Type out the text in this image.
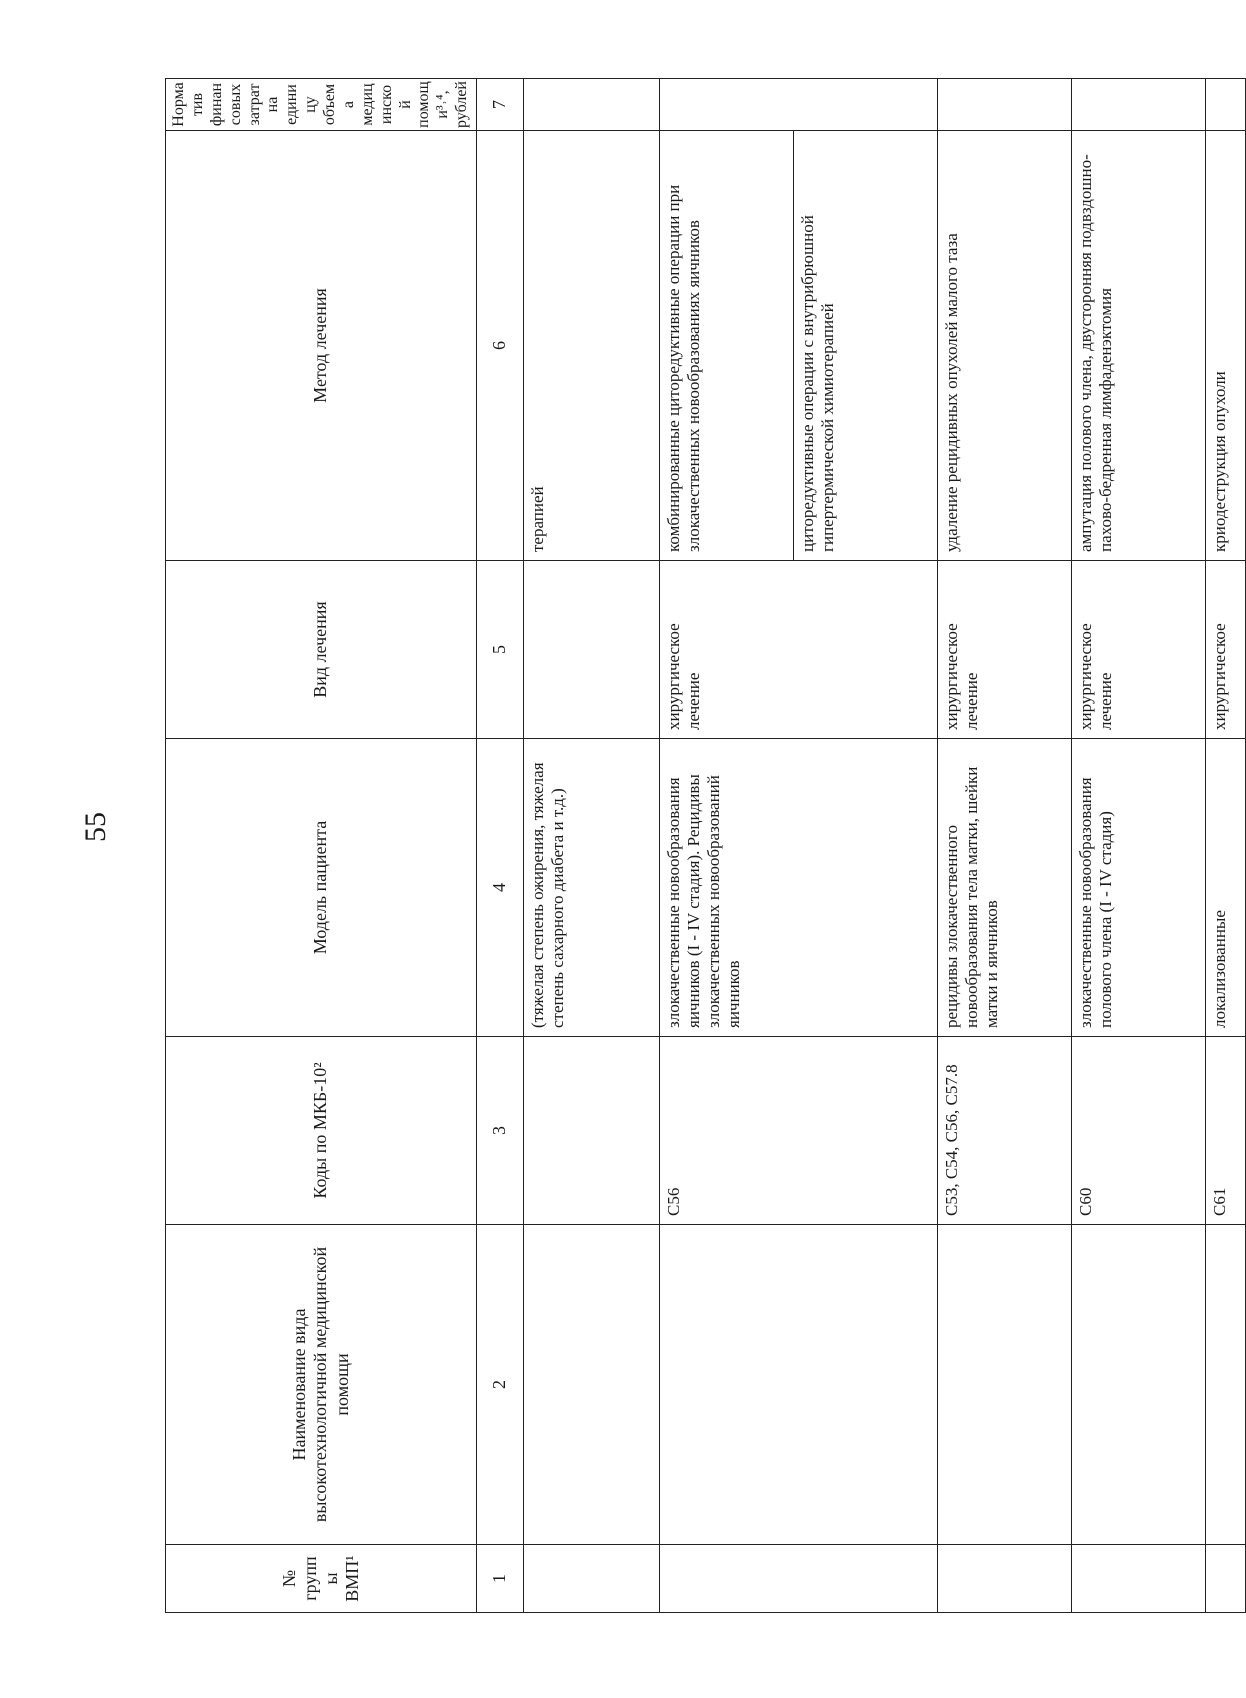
55
№ группы ВМП¹	Наименование вида высокотехнологичной медицинской помощи	Коды по МКБ-10²	Модель пациента	Вид лечения	Метод лечения	Норматив финансовых затрат на единицу объема медицинской помощи³˒⁴, рублей
1	2	3	4	5	6	7
			(тяжелая степень ожирения, тяжелая степень сахарного диабета и т.д.)		терапией	
		C56	злокачественные новообразования яичников (I - IV стадия). Рецидивы злокачественных новообразований яичников	хирургическое лечение	комбинированные циторедуктивные операции при злокачественных новообразованиях яичников	
					циторедуктивные операции с внутрибрюшной гипертермической химиотерапией	
		C53, C54, C56, C57.8	рецидивы злокачественного новообразования тела матки, шейки матки и яичников	хирургическое лечение	удаление рецидивных опухолей малого таза	
		C60	злокачественные новообразования полового члена (I - IV стадия)	хирургическое лечение	ампутация полового члена, двусторонняя подвздошно-пахово-бедренная лимфаденэктомия	
		C61	локализованные	хирургическое	криодеструкция опухоли	
